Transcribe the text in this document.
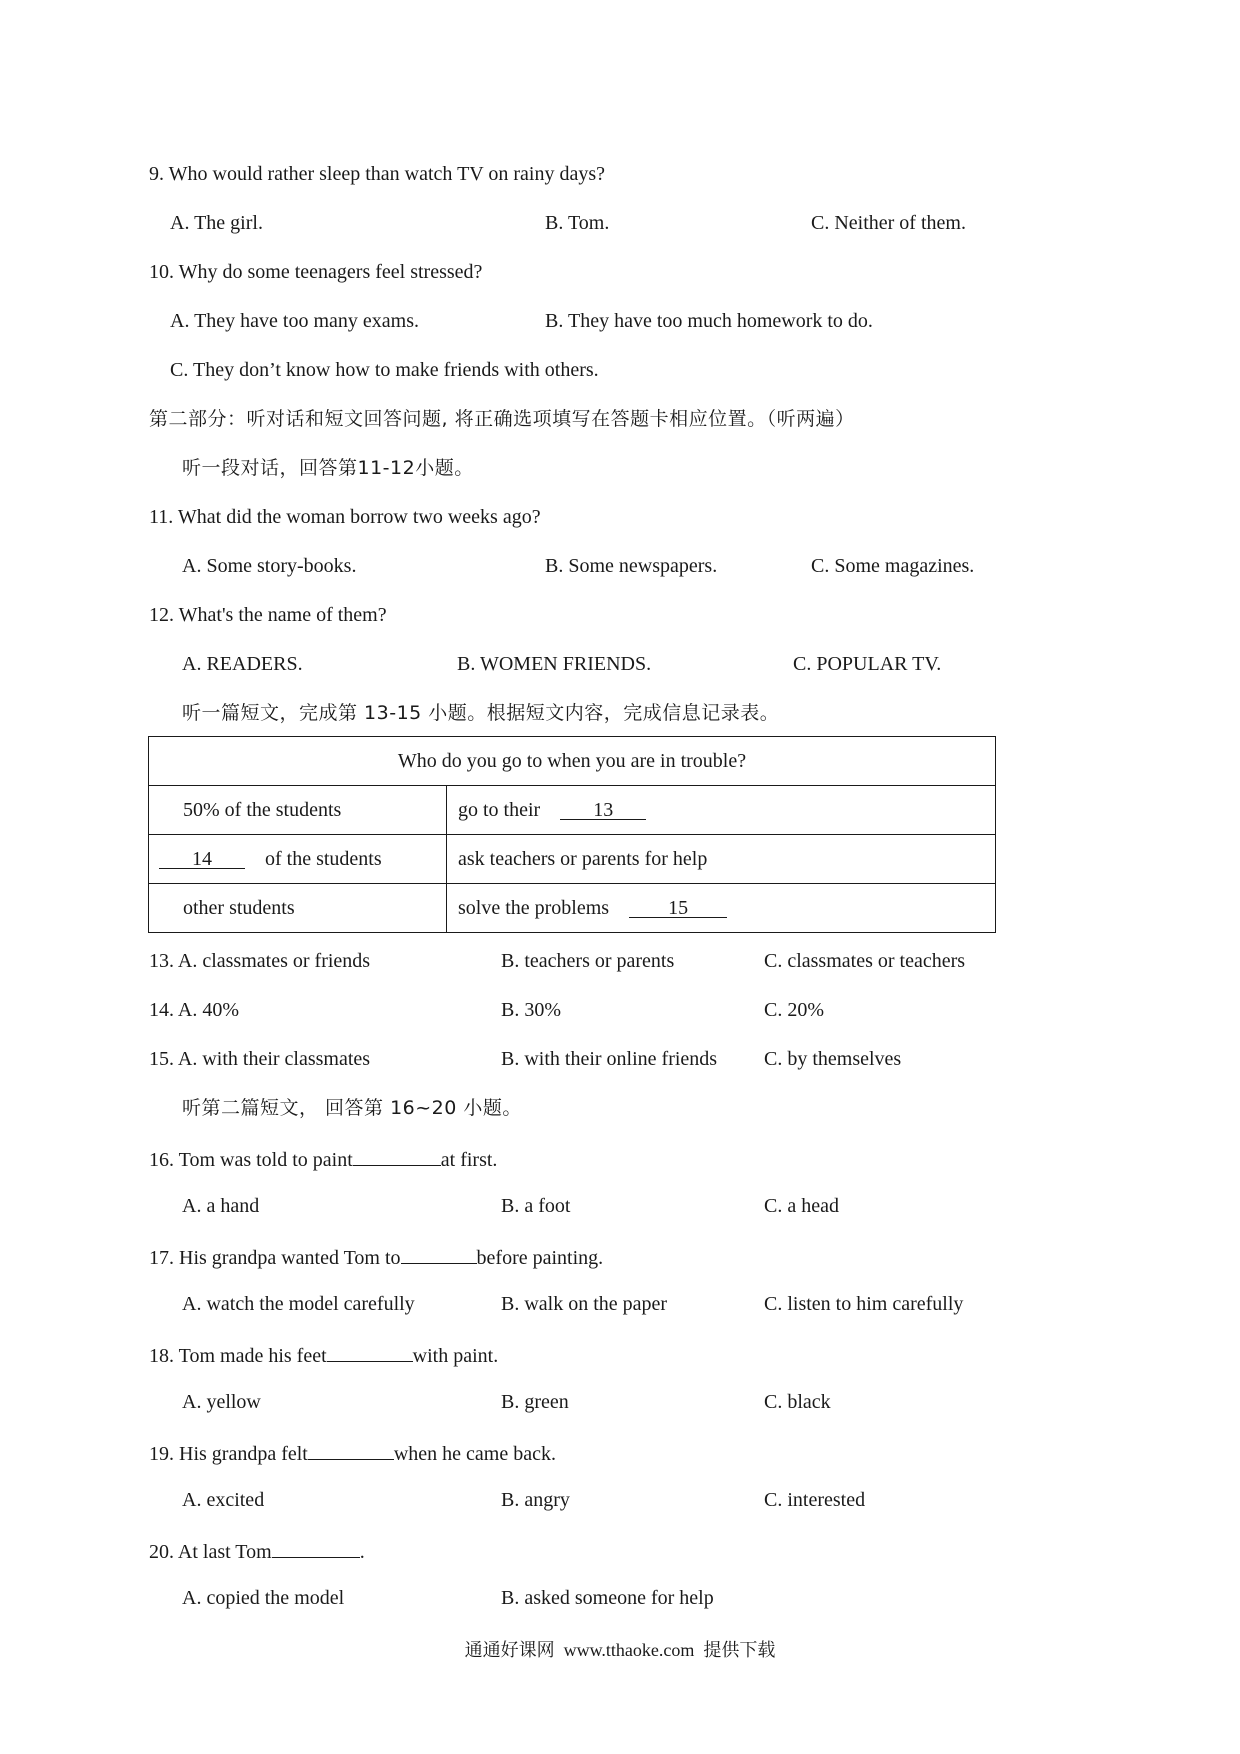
9. Who would rather sleep than watch TV on rainy days?
A. The girl.	B. Tom.	C. Neither of them.
10. Why do some teenagers feel stressed?
A. They have too many exams.	B. They have too much homework to do.
C. They don’t know how to make friends with others.
第二部分：听对话和短文回答问题, 将正确选项填写在答题卡相应位置。（听两遍）
听一段对话，回答第11-12小题。
11. What did the woman borrow two weeks ago?
A. Some story-books.	B. Some newspapers.	C. Some magazines.
12. What's the name of them?
A. READERS.	B. WOMEN FRIENDS.	C. POPULAR TV.
听一篇短文，完成第 13-15 小题。根据短文内容，完成信息记录表。
Who do you go to when you are in trouble?	
50% of the students	go to their 13
14 of the students	ask teachers or parents for help
other students	solve the problems 15
13. A. classmates or friends	B. teachers or parents	C. classmates or teachers
14. A. 40%	B. 30%	C. 20%
15. A. with their classmates	B. with their online friends C. by themselves
听第二篇短文， 回答第 16~20 小题。
16. Tom was told to paint	at first.
A. a hand	B. a foot	C. a head
17. His grandpa wanted Tom to	before painting.
A. watch the model carefully	B. walk on the paper	C. listen to him carefully
18. Tom made his feet	with paint.
A. yellow	B. green	C. black
19. His grandpa felt	when he came back.
A. excited	B. angry	C. interested
20. At last Tom	.
A. copied the model	B. asked someone for help
通通好课网 www.tthaoke.com 提供下载
